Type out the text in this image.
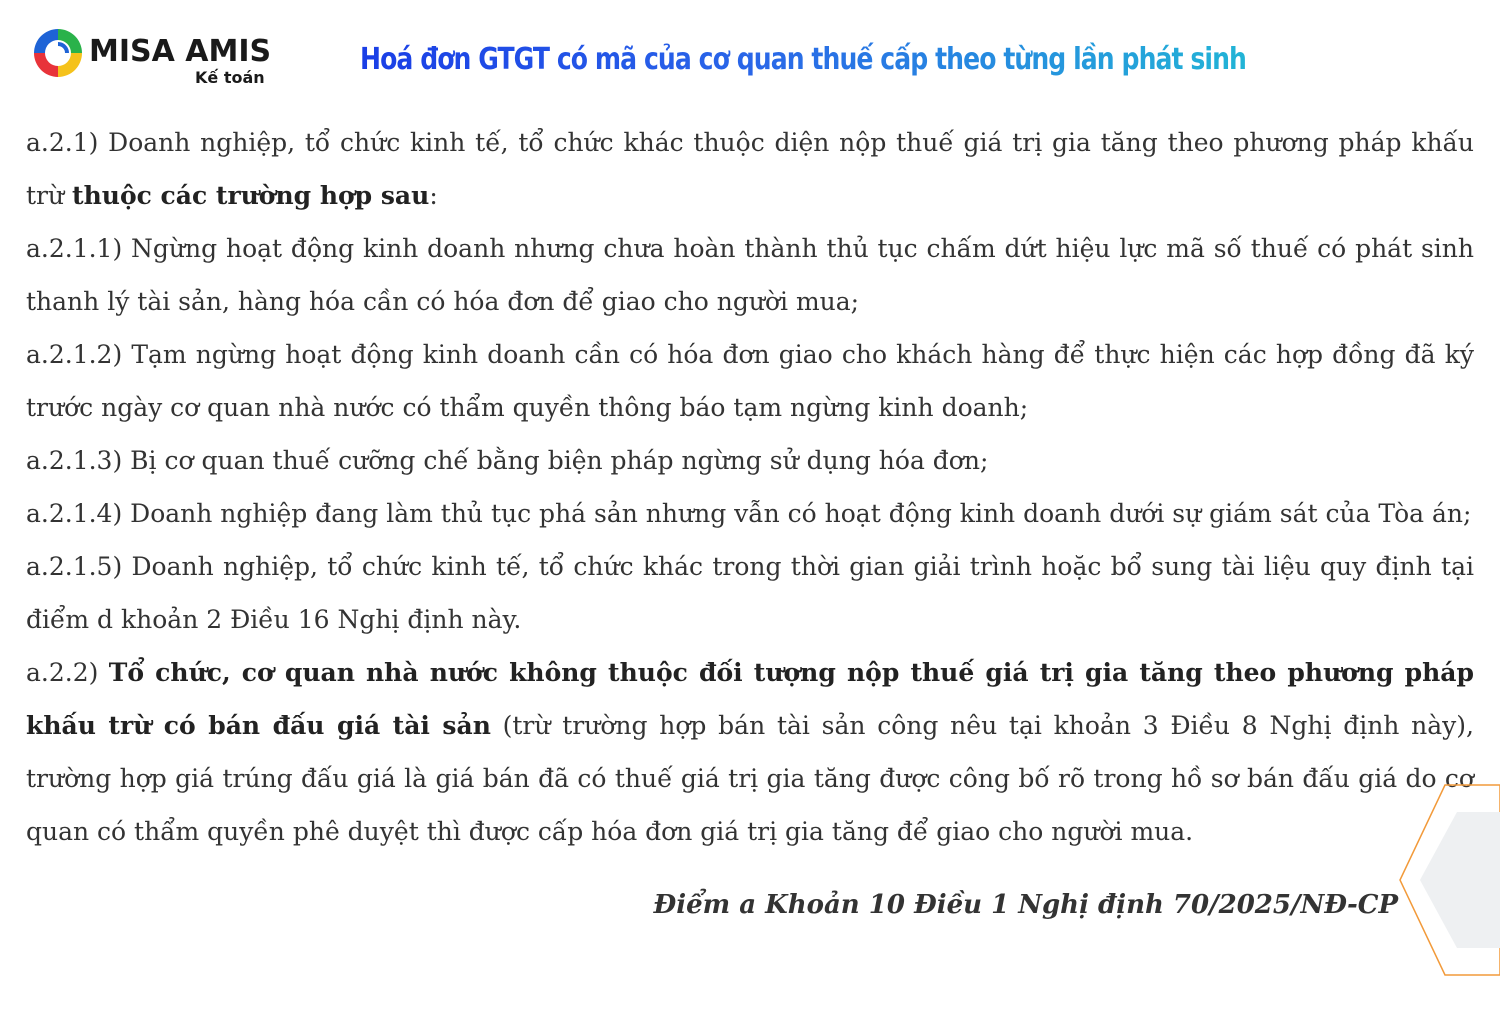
MISA AMIS
Kế toán
Hoá đơn GTGT có mã của cơ quan thuế cấp theo từng lần phát sinh

a.2.1) Doanh nghiệp, tổ chức kinh tế, tổ chức khác thuộc diện nộp thuế giá trị gia tăng theo phương pháp khấu trừ thuộc các trường hợp sau:

a.2.1.1) Ngừng hoạt động kinh doanh nhưng chưa hoàn thành thủ tục chấm dứt hiệu lực mã số thuế có phát sinh thanh lý tài sản, hàng hóa cần có hóa đơn để giao cho người mua;

a.2.1.2) Tạm ngừng hoạt động kinh doanh cần có hóa đơn giao cho khách hàng để thực hiện các hợp đồng đã ký trước ngày cơ quan nhà nước có thẩm quyền thông báo tạm ngừng kinh doanh;

a.2.1.3) Bị cơ quan thuế cưỡng chế bằng biện pháp ngừng sử dụng hóa đơn;

a.2.1.4) Doanh nghiệp đang làm thủ tục phá sản nhưng vẫn có hoạt động kinh doanh dưới sự giám sát của Tòa án;

a.2.1.5) Doanh nghiệp, tổ chức kinh tế, tổ chức khác trong thời gian giải trình hoặc bổ sung tài liệu quy định tại điểm d khoản 2 Điều 16 Nghị định này.

a.2.2) Tổ chức, cơ quan nhà nước không thuộc đối tượng nộp thuế giá trị gia tăng theo phương pháp khấu trừ có bán đấu giá tài sản (trừ trường hợp bán tài sản công nêu tại khoản 3 Điều 8 Nghị định này), trường hợp giá trúng đấu giá là giá bán đã có thuế giá trị gia tăng được công bố rõ trong hồ sơ bán đấu giá do cơ quan có thẩm quyền phê duyệt thì được cấp hóa đơn giá trị gia tăng để giao cho người mua.

Điểm a Khoản 10 Điều 1 Nghị định 70/2025/NĐ-CP
